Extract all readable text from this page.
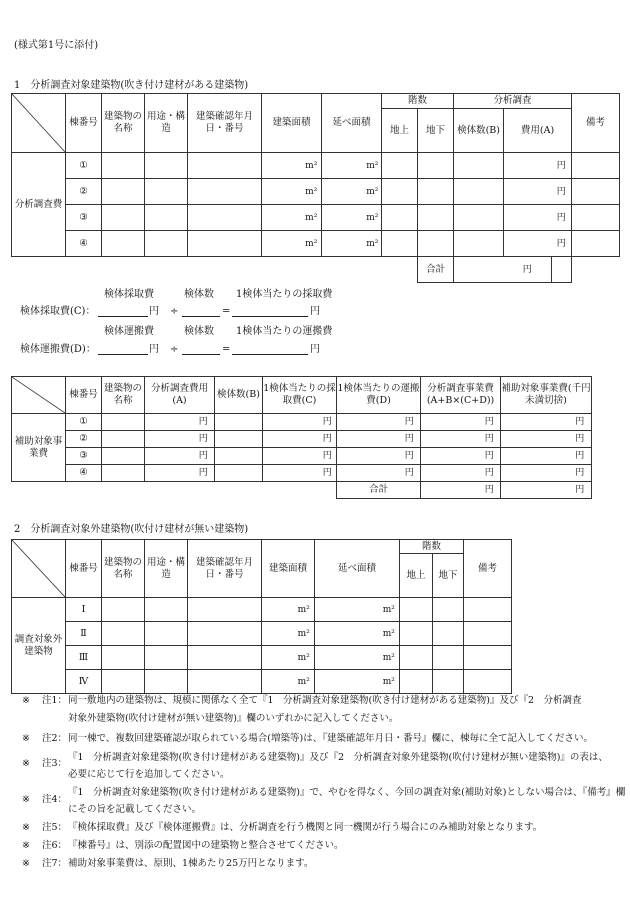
(様式第1号に添付)
1　分析調査対象建築物(吹き付け建材がある建築物)
	棟番号	建築物の名称	用途・構造	建築確認年月日・番号	建築面積		延べ面積		階数		分析調査			備考
									地上	地下	検体数(B)	費用(A)		
分析調査費	①					m²		m²					円	
	②					m²		m²					円	
	③					m²		m²					円	
	④					m²		m²					円	
										合計		円		
検体採取費	検体数 1検体当たりの採取費
検体採取費(C)：	円 ÷	=	円
検体運搬費	検体数 1検体当たりの運搬費
検体運搬費(D)：	円 ÷	=	円
	棟番号	建築物の名称	分析調査費用(A)		検体数(B)	1検体当たりの採取費(C)		1検体当たりの運搬費(D)		分析調査事業費(A+B×(C+D))		補助対象事業費(千円未満切捨)	
補助対象事業費	①			円			円		円		円		円
	②			円			円		円		円		円
	③			円			円		円		円		円
	④			円			円		円		円		円
								合計			円		円
2　分析調査対象外建築物(吹付け建材が無い建築物)
	棟番号	建築物の名称	用途・構造	建築確認年月日・番号	建築面積		延べ面積		階数		備考
									地上	地下	
調査対象外建築物	Ⅰ					m²		m²			
	Ⅱ					m²		m²			
	Ⅲ					m²		m²			
	Ⅳ					m²		m²			
※ 注1： 同一敷地内の建築物は、規模に関係なく全て『1　分析調査対象建築物(吹き付け建材がある建築物)』及び『2　分析調査
対象外建築物(吹付け建材が無い建築物)』欄のいずれかに記入してください。
※ 注2： 同一棟で、複数回建築確認が取られている場合(増築等)は、『建築確認年月日・番号』欄に、棟毎に全て記入してください。
※ 注3：
『1　分析調査対象建築物(吹き付け建材がある建築物)』及び『2　分析調査対象外建築物(吹付け建材が無い建築物)』の表は、
必要に応じて行を追加してください。
※ 注4：
『1　分析調査対象建築物(吹き付け建材がある建築物)』で、やむを得なく、今回の調査対象(補助対象)としない場合は、『備考』欄
にその旨を記載してください。
※ 注5： 『検体採取費』及び『検体運搬費』は、分析調査を行う機関と同一機関が行う場合にのみ補助対象となります。
※ 注6： 『棟番号』は、別添の配置図中の建築物と整合させてください。
※ 注7： 補助対象事業費は、原則、1棟あたり25万円となります。
